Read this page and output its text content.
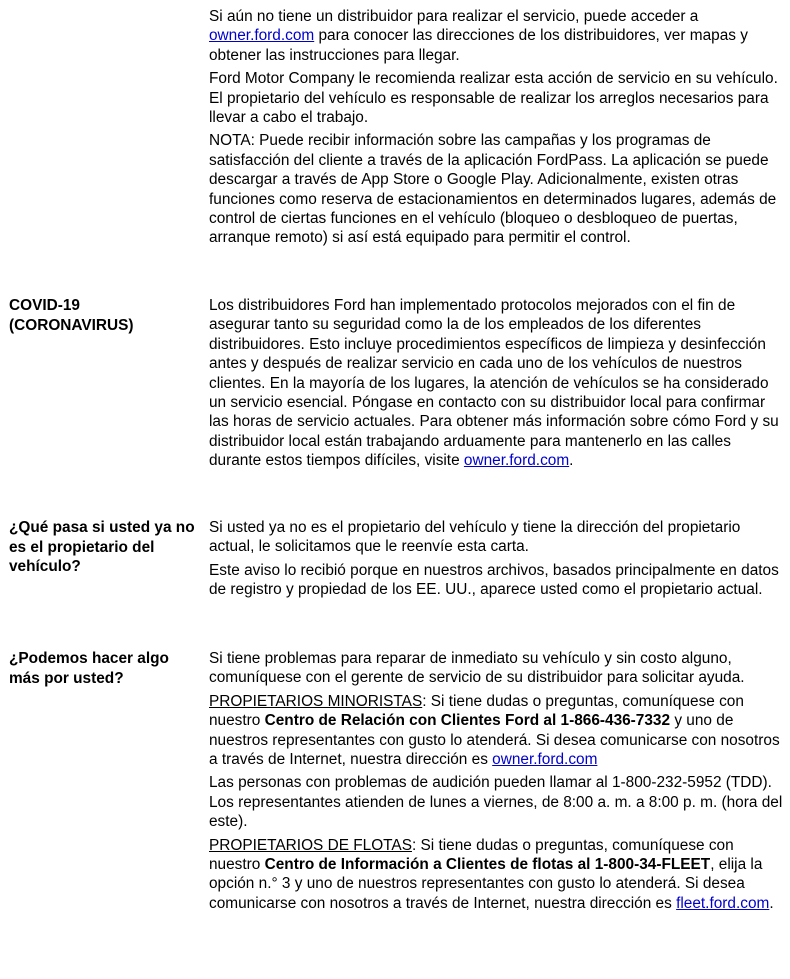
Si aún no tiene un distribuidor para realizar el servicio, puede acceder a owner.ford.com para conocer las direcciones de los distribuidores, ver mapas y obtener las instrucciones para llegar.

Ford Motor Company le recomienda realizar esta acción de servicio en su vehículo. El propietario del vehículo es responsable de realizar los arreglos necesarios para llevar a cabo el trabajo.

NOTA: Puede recibir información sobre las campañas y los programas de satisfacción del cliente a través de la aplicación FordPass. La aplicación se puede descargar a través de App Store o Google Play. Adicionalmente, existen otras funciones como reserva de estacionamientos en determinados lugares, además de control de ciertas funciones en el vehículo (bloqueo o desbloqueo de puertas, arranque remoto) si así está equipado para permitir el control.

COVID-19
(CORONAVIRUS)

Los distribuidores Ford han implementado protocolos mejorados con el fin de asegurar tanto su seguridad como la de los empleados de los diferentes distribuidores. Esto incluye procedimientos específicos de limpieza y desinfección antes y después de realizar servicio en cada uno de los vehículos de nuestros clientes. En la mayoría de los lugares, la atención de vehículos se ha considerado un servicio esencial. Póngase en contacto con su distribuidor local para confirmar las horas de servicio actuales. Para obtener más información sobre cómo Ford y su distribuidor local están trabajando arduamente para mantenerlo en las calles durante estos tiempos difíciles, visite owner.ford.com.

¿Qué pasa si usted ya no es el propietario del vehículo?

Si usted ya no es el propietario del vehículo y tiene la dirección del propietario actual, le solicitamos que le reenvíe esta carta.

Este aviso lo recibió porque en nuestros archivos, basados principalmente en datos de registro y propiedad de los EE. UU., aparece usted como el propietario actual.

¿Podemos hacer algo más por usted?

Si tiene problemas para reparar de inmediato su vehículo y sin costo alguno, comuníquese con el gerente de servicio de su distribuidor para solicitar ayuda.

PROPIETARIOS MINORISTAS: Si tiene dudas o preguntas, comuníquese con nuestro Centro de Relación con Clientes Ford al 1-866-436-7332 y uno de nuestros representantes con gusto lo atenderá. Si desea comunicarse con nosotros a través de Internet, nuestra dirección es owner.ford.com

Las personas con problemas de audición pueden llamar al 1-800-232-5952 (TDD). Los representantes atienden de lunes a viernes, de 8:00 a. m. a 8:00 p. m. (hora del este).

PROPIETARIOS DE FLOTAS: Si tiene dudas o preguntas, comuníquese con nuestro Centro de Información a Clientes de flotas al 1-800-34-FLEET, elija la opción n.° 3 y uno de nuestros representantes con gusto lo atenderá. Si desea comunicarse con nosotros a través de Internet, nuestra dirección es fleet.ford.com.
